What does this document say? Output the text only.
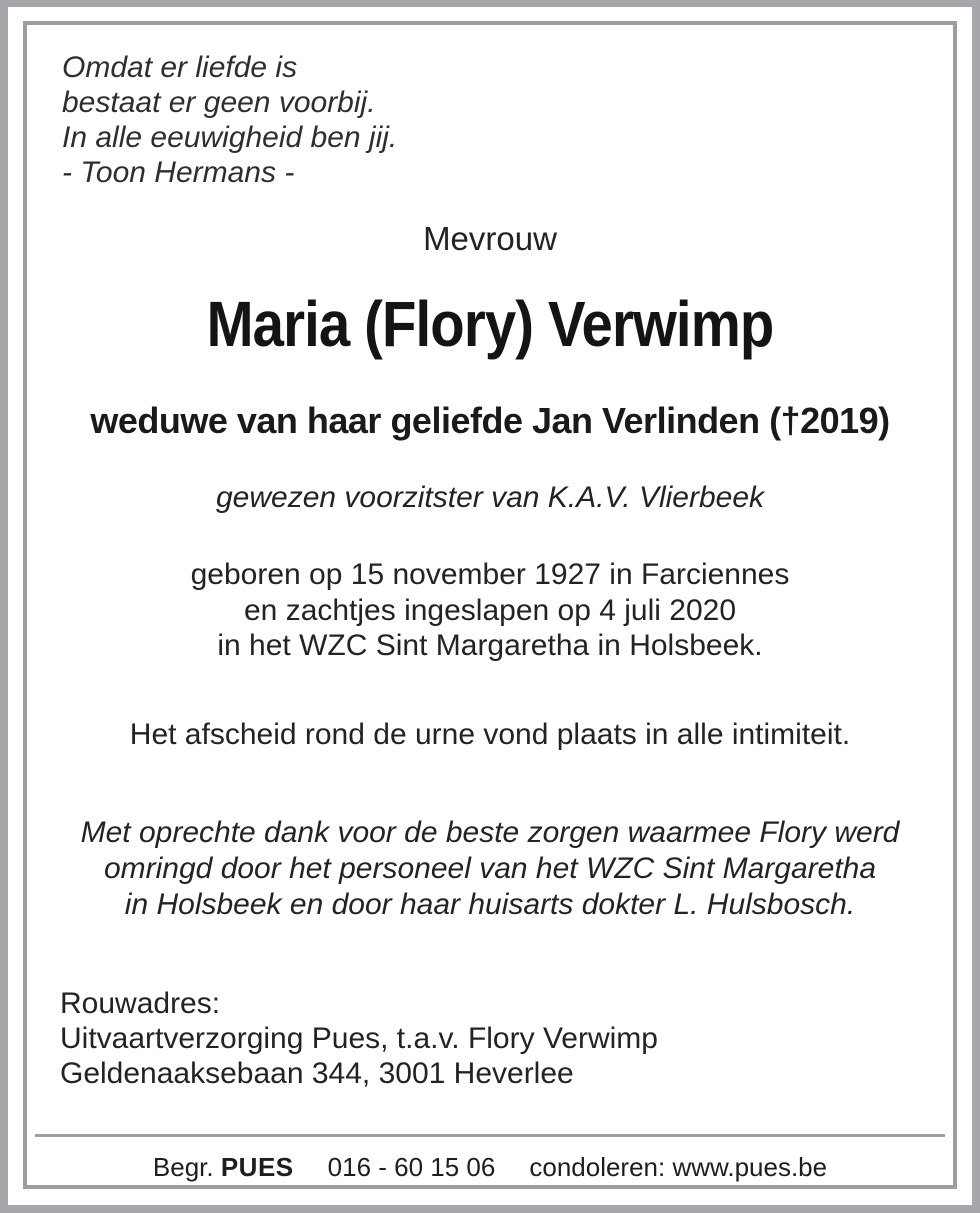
Omdat er liefde is
bestaat er geen voorbij.
In alle eeuwigheid ben jij.
- Toon Hermans -
Mevrouw
Maria (Flory) Verwimp
weduwe van haar geliefde Jan Verlinden (†2019)
gewezen voorzitster van K.A.V. Vlierbeek
geboren op 15 november 1927 in Farciennes
en zachtjes ingeslapen op 4 juli 2020
in het WZC Sint Margaretha in Holsbeek.
Het afscheid rond de urne vond plaats in alle intimiteit.
Met oprechte dank voor de beste zorgen waarmee Flory werd
omringd door het personeel van het WZC Sint Margaretha
in Holsbeek en door haar huisarts dokter L. Hulsbosch.
Rouwadres:
Uitvaartverzorging Pues, t.a.v. Flory Verwimp
Geldenaaksebaan 344, 3001 Heverlee
Begr. PUES 016 - 60 15 06 condoleren: www.pues.be
